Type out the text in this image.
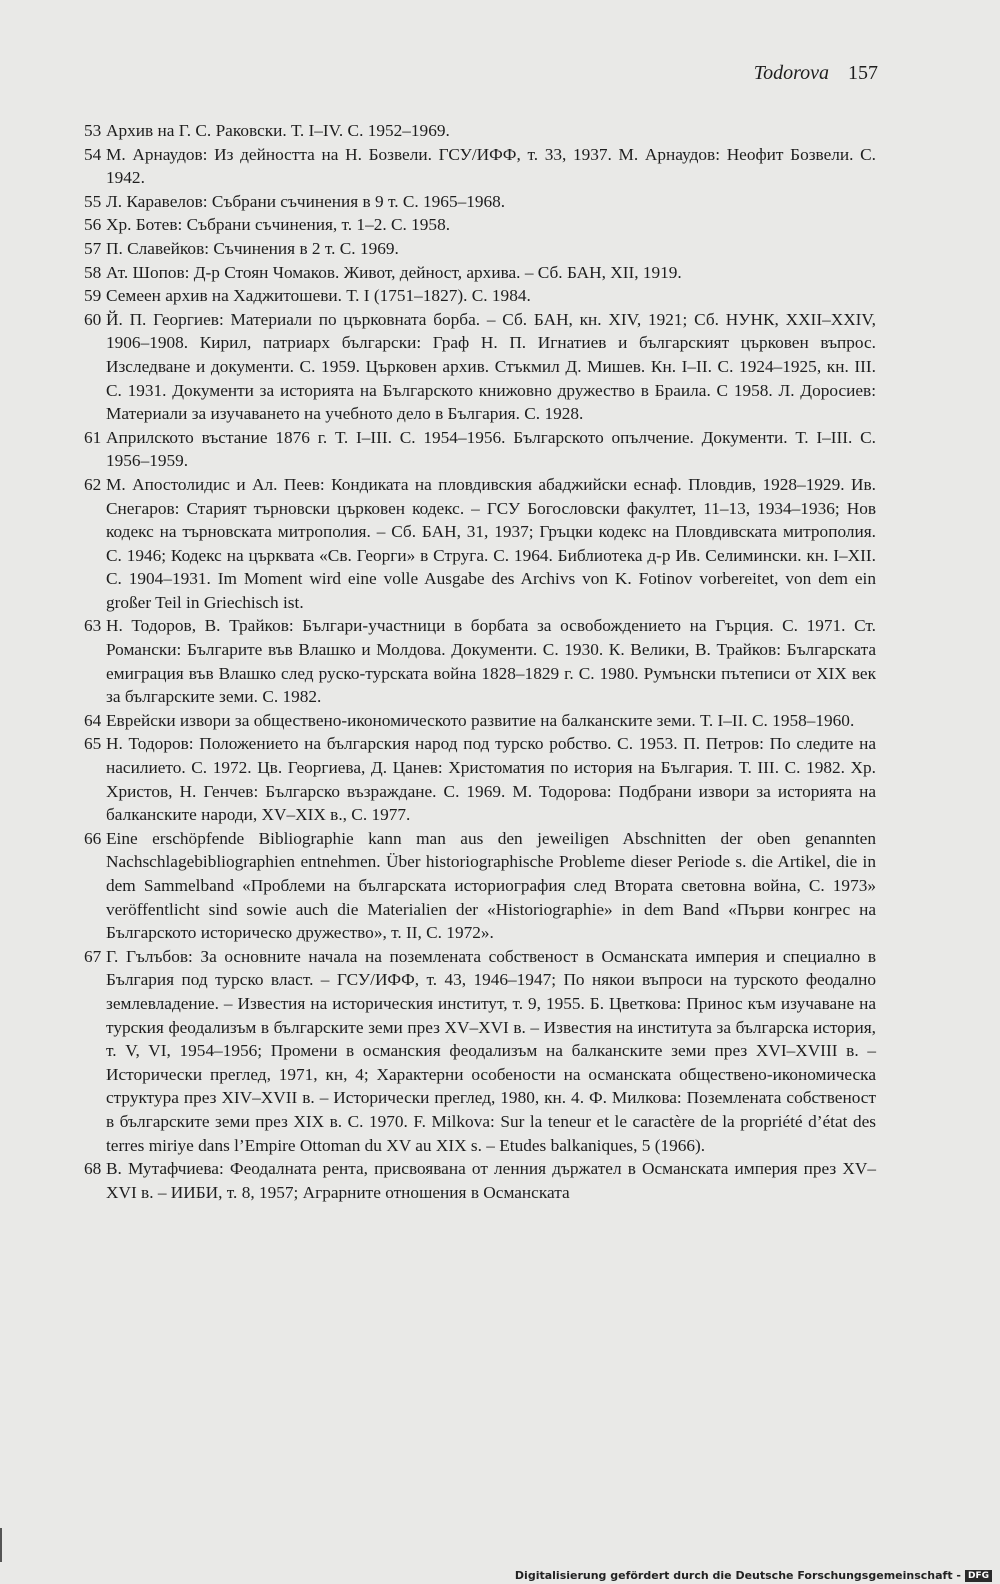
Todorova 157
53 Архив на Г. С. Раковски. Т. I–IV. С. 1952–1969.
54 М. Арнаудов: Из дейността на Н. Бозвели. ГСУ/ИФФ, т. 33, 1937. М. Арнаудов: Неофит Бозвели. С. 1942.
55 Л. Каравелов: Събрани съчинения в 9 т. С. 1965–1968.
56 Хр. Ботев: Събрани съчинения, т. 1–2. С. 1958.
57 П. Славейков: Съчинения в 2 т. С. 1969.
58 Ат. Шопов: Д-р Стоян Чомаков. Живот, дейност, архива. – Сб. БАН, XII, 1919.
59 Семеен архив на Хаджитошеви. Т. I (1751–1827). С. 1984.
60 Й. П. Георгиев: Материали по църковната борба. – Сб. БАН, кн. XIV, 1921; Сб. НУНК, XXII–XXIV, 1906–1908. Кирил, патриарх български: Граф Н. П. Игнатиев и българският църковен въпрос. Изследване и документи. С. 1959. Църковен архив. Стъкмил Д. Мишев. Кн. I–II. С. 1924–1925, кн. III. С. 1931. Документи за историята на Българското книжовно дружество в Браила. С 1958. Л. Доросиев: Материали за изучаването на учебното дело в България. С. 1928.
61 Априлското въстание 1876 г. Т. I–III. С. 1954–1956. Българското опълчение. Документи. Т. I–III. С. 1956–1959.
62 М. Апостолидис и Ал. Пеев: Кондиката на пловдивския абаджийски еснаф. Пловдив, 1928–1929. Ив. Снегаров: Старият търновски църковен кодекс. – ГСУ Богословски факултет, 11–13, 1934–1936; Нов кодекс на търновската митрополия. – Сб. БАН, 31, 1937; Гръцки кодекс на Пловдивската митрополия. С. 1946; Кодекс на църквата «Св. Георги» в Струга. С. 1964. Библиотека д-р Ив. Селимински. кн. I–XII. С. 1904–1931. Im Moment wird eine volle Ausgabe des Archivs von K. Fotinov vorbereitet, von dem ein großer Teil in Griechisch ist.
63 Н. Тодоров, В. Трайков: Българи-участници в борбата за освобождението на Гърция. С. 1971. Ст. Романски: Българите във Влашко и Молдова. Документи. С. 1930. К. Велики, В. Трайков: Българската емиграция във Влашко след руско-турската война 1828–1829 г. С. 1980. Румънски пътеписи от XIX век за българските земи. С. 1982.
64 Еврейски извори за обществено-икономическото развитие на балканските земи. Т. I–II. С. 1958–1960.
65 Н. Тодоров: Положението на българския народ под турско робство. С. 1953. П. Петров: По следите на насилието. С. 1972. Цв. Георгиева, Д. Цанев: Христоматия по история на България. Т. III. С. 1982. Хр. Христов, Н. Генчев: Българско възраждане. С. 1969. М. Тодорова: Подбрани извори за историята на балканските народи, XV–XIX в., С. 1977.
66 Eine erschöpfende Bibliographie kann man aus den jeweiligen Abschnitten der oben genannten Nachschlagebibliographien entnehmen. Über historiographische Probleme dieser Periode s. die Artikel, die in dem Sammelband «Проблеми на българската историография след Втората световна война, С. 1973» veröffentlicht sind sowie auch die Materialien der «Historiographie» in dem Band «Първи конгрес на Българското историческо дружество», т. II, С. 1972».
67 Г. Гълъбов: За основните начала на поземлената собственост в Османската империя и специално в България под турско власт. – ГСУ/ИФФ, т. 43, 1946–1947; По някои въпроси на турското феодално землевладение. – Известия на историческия институт, т. 9, 1955. Б. Цветкова: Принос към изучаване на турския феодализъм в българските земи през XV–XVI в. – Известия на института за българска история, т. V, VI, 1954–1956; Промени в османския феодализъм на балканските земи през XVI–XVIII в. – Исторически преглед, 1971, кн, 4; Характерни особености на османската обществено-икономическа структура през XIV–XVII в. – Исторически преглед, 1980, кн. 4. Ф. Милкова: Поземлената собственост в българските земи през XIX в. С. 1970. F. Milkova: Sur la teneur et le caractère de la propriété d’état des terres miriye dans l’Empire Ottoman du XV au XIX s. – Etudes balkaniques, 5 (1966).
68 В. Мутафчиева: Феодалната рента, присвоявана от ленния държател в Османската империя през XV–XVI в. – ИИБИ, т. 8, 1957; Аграрните отношения в Османската
Digitalisierung gefördert durch die Deutsche Forschungsgemeinschaft - DFG
